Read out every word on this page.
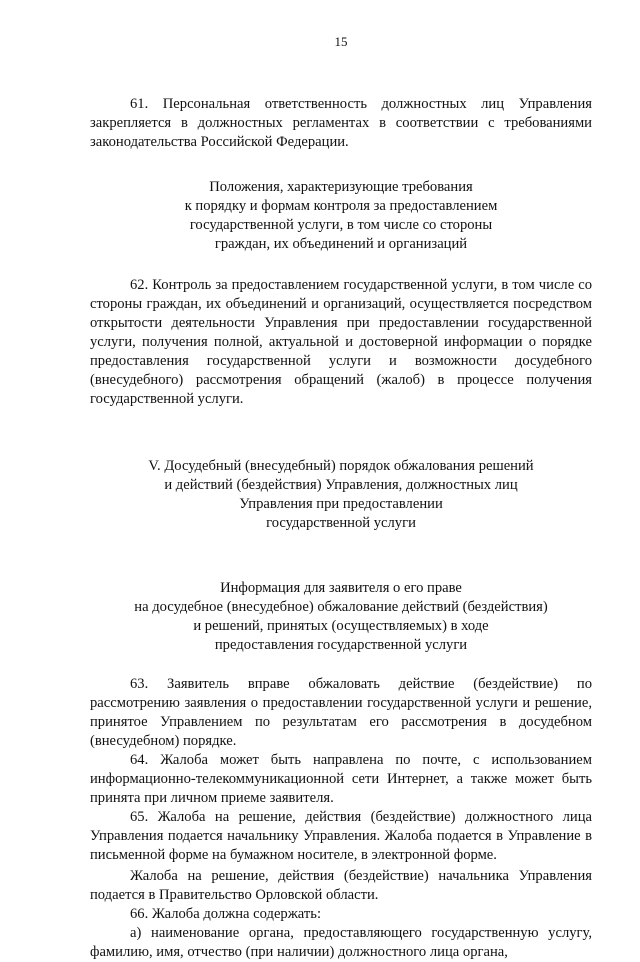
15

61. Персональная ответственность должностных лиц Управления закрепляется в должностных регламентах в соответствии с требованиями законодательства Российской Федерации.

Положения, характеризующие требования
к порядку и формам контроля за предоставлением
государственной услуги, в том числе со стороны
граждан, их объединений и организаций

62. Контроль за предоставлением государственной услуги, в том числе со стороны граждан, их объединений и организаций, осуществляется посредством открытости деятельности Управления при предоставлении государственной услуги, получения полной, актуальной и достоверной информации о порядке предоставления государственной услуги и возможности досудебного (внесудебного) рассмотрения обращений (жалоб) в процессе получения государственной услуги.

V. Досудебный (внесудебный) порядок обжалования решений
и действий (бездействия) Управления, должностных лиц
Управления при предоставлении
государственной услуги

Информация для заявителя о его праве
на досудебное (внесудебное) обжалование действий (бездействия)
и решений, принятых (осуществляемых) в ходе
предоставления государственной услуги

63. Заявитель вправе обжаловать действие (бездействие) по рассмотрению заявления о предоставлении государственной услуги и решение, принятое Управлением по результатам его рассмотрения в досудебном (внесудебном) порядке.

64. Жалоба может быть направлена по почте, с использованием информационно-телекоммуникационной сети Интернет, а также может быть принята при личном приеме заявителя.

65. Жалоба на решение, действия (бездействие) должностного лица Управления подается начальнику Управления. Жалоба подается в Управление в письменной форме на бумажном носителе, в электронной форме.

Жалоба на решение, действия (бездействие) начальника Управления подается в Правительство Орловской области.

66. Жалоба должна содержать:

а) наименование органа, предоставляющего государственную услугу, фамилию, имя, отчество (при наличии) должностного лица органа,
